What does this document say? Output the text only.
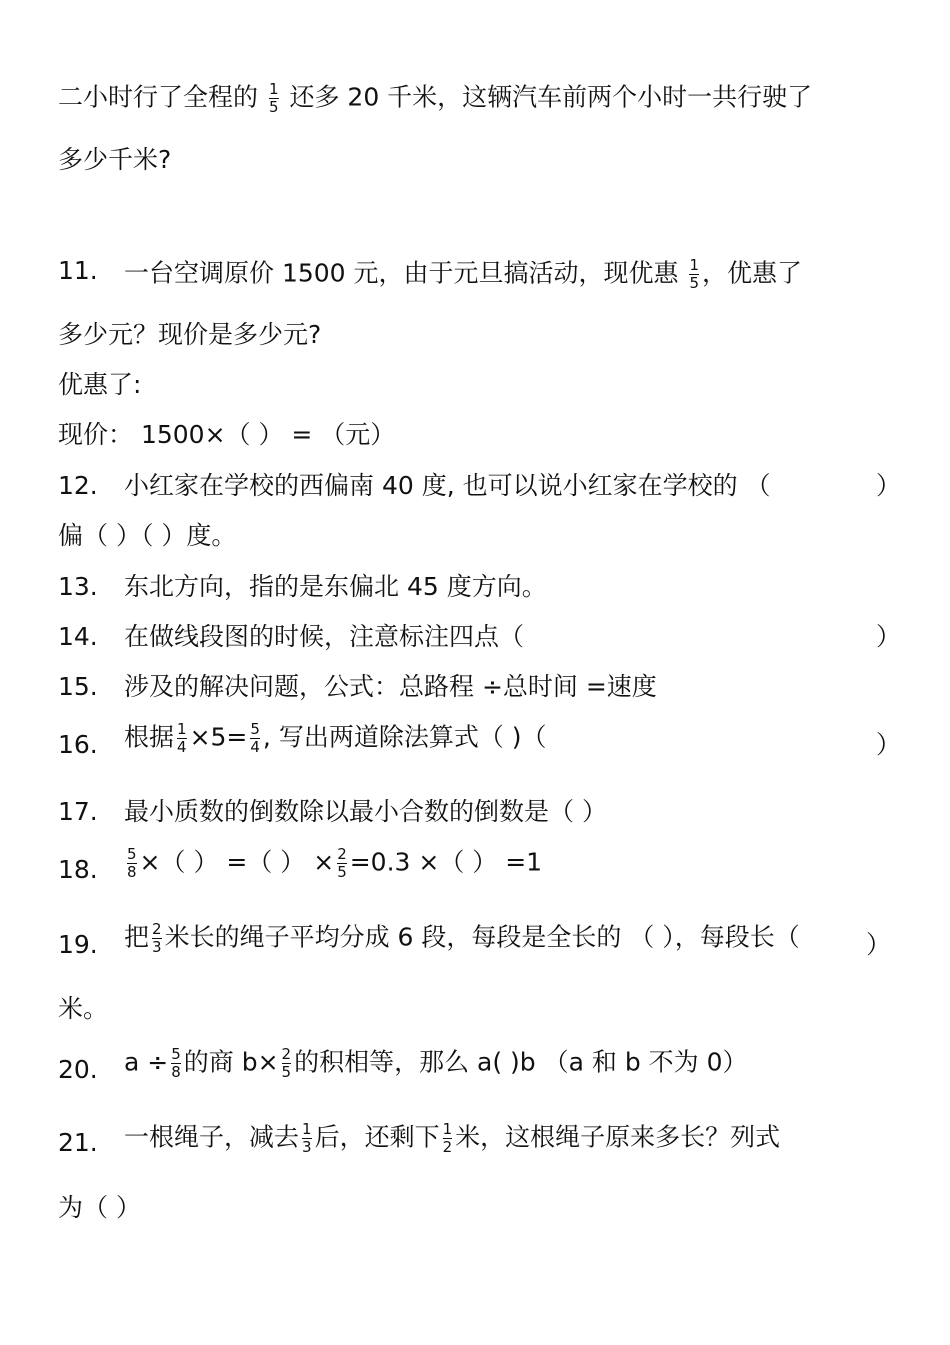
二小时行了全程的 $\frac{1}{5}$ 还多 20 千米，这辆汽车前两个小时一共行驶了
多少千米?
11. 一台空调原价 1500 元，由于元旦搞活动，现优惠 $\frac{1}{5}$ ，优惠了
多少元？现价是多少元?
优惠了:
现价： 1500×（ ） = （元）
12. 小红家在学校的西偏南 40 度, 也可以说小红家在学校的 （	）
偏（ ）（ ）度。
13. 东北方向，指的是东偏北 45 度方向。
14. 在做线段图的时候，注意标注四点（	）
15. 涉及的解决问题，公式：总路程 ÷总时间 =速度
16. 根据 $\frac{1}{4} \times 5= \frac{5}{4}$ , 写出两道除法算式（ )（	）
17. 最小质数的倒数除以最小合数的倒数是（ ）
18. $\frac{5}{8}$ ×（ ） =（ ） × $\frac{2}{5} =0.3$ ×（ ） =1
19. 把 $\frac{2}{3}$ 米长的绳子平均分成 6 段，每段是全长的 （ ），每段长（	）
米。
20. $a \div \frac{5}{8}$ 的商 $b\times \frac{2}{5}$ 的积相等，那么 a( )b （a 和 b 不为 0）
21. 一根绳子，减去 $\frac{1}{3}$ 后，还剩下 $\frac{1}{2}$ 米，这根绳子原来多长？列式
为（ ）
